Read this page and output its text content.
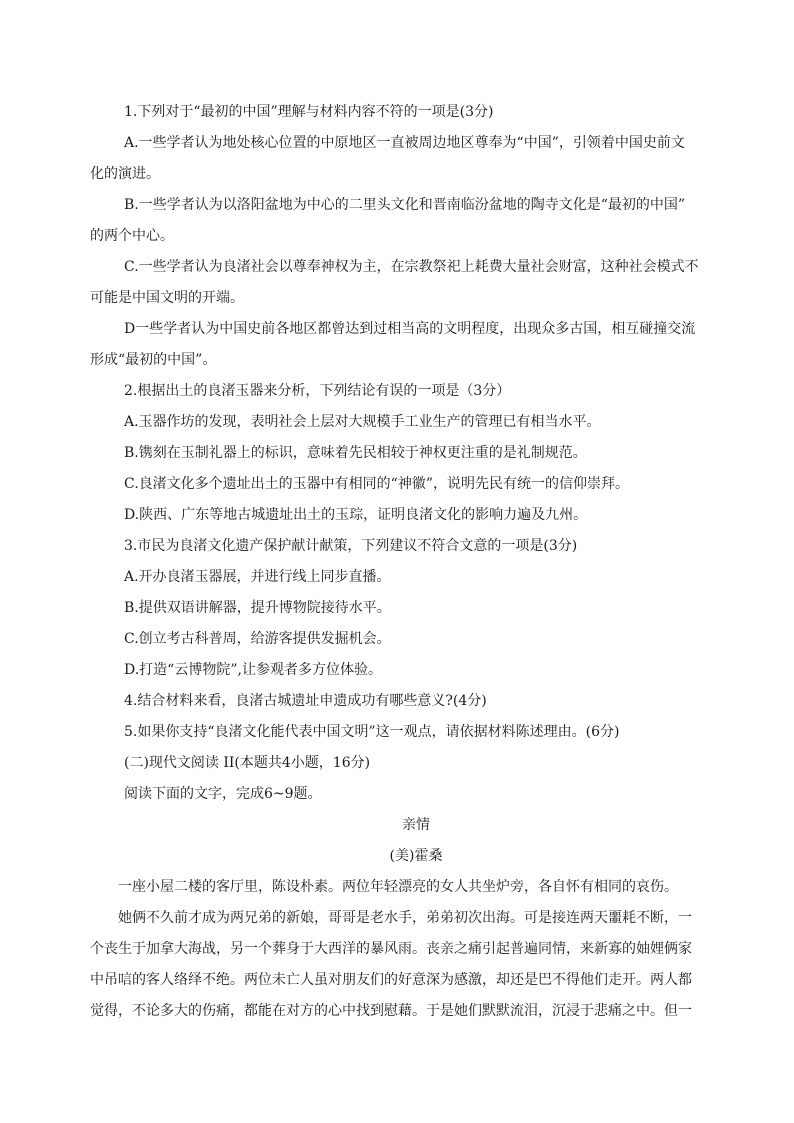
1.下列对于“最初的中国”理解与材料内容不符的一项是(3分)

A.一些学者认为地处核心位置的中原地区一直被周边地区尊奉为“中国”，引领着中国史前文

化的演进。

B.一些学者认为以洛阳盆地为中心的二里头文化和晋南临汾盆地的陶寺文化是“最初的中国”

的两个中心。

C.一些学者认为良渚社会以尊奉神权为主，在宗教祭祀上耗费大量社会财富，这种社会模式不

可能是中国文明的开端。

D一些学者认为中国史前各地区都曾达到过相当高的文明程度，出现众多古国，相互碰撞交流

形成“最初的中国”。

2.根据出土的良渚玉器来分析，下列结论有误的一项是（3分）

A.玉器作坊的发现，表明社会上层对大规模手工业生产的管理已有相当水平。

B.镌刻在玉制礼器上的标识，意味着先民相较于神权更注重的是礼制规范。

C.良渚文化多个遗址出土的玉器中有相同的“神徽”，说明先民有统一的信仰崇拜。

D.陕西、广东等地古城遗址出土的玉琮，证明良渚文化的影响力遍及九州。

3.市民为良渚文化遗产保护献计献策，下列建议不符合文意的一项是(3分)

A.开办良渚玉器展，并进行线上同步直播。

B.提供双语讲解器，提升博物院接待水平。

C.创立考古科普周，给游客提供发掘机会。

D.打造“云博物院”,让参观者多方位体验。

4.结合材料来看，良渚古城遗址申遗成功有哪些意义?(4分)

5.如果你支持“良渚文化能代表中国文明”这一观点，请依据材料陈述理由。(6分)

(二)现代文阅读 II(本题共4小题，16分)

阅读下面的文字，完成6~9题。

亲情

(美)霍桑

一座小屋二楼的客厅里，陈设朴素。两位年轻漂亮的女人共坐炉旁，各自怀有相同的哀伤。

她俩不久前才成为两兄弟的新娘，哥哥是老水手，弟弟初次出海。可是接连两天噩耗不断，一

个丧生于加拿大海战，另一个葬身于大西洋的暴风雨。丧亲之痛引起普遍同情，来新寡的妯娌俩家

中吊唁的客人络绎不绝。两位未亡人虽对朋友们的好意深为感激，却还是巴不得他们走开。两人都

觉得，不论多大的伤痛，都能在对方的心中找到慰藉。于是她们默默流泪，沉浸于悲痛之中。但一
